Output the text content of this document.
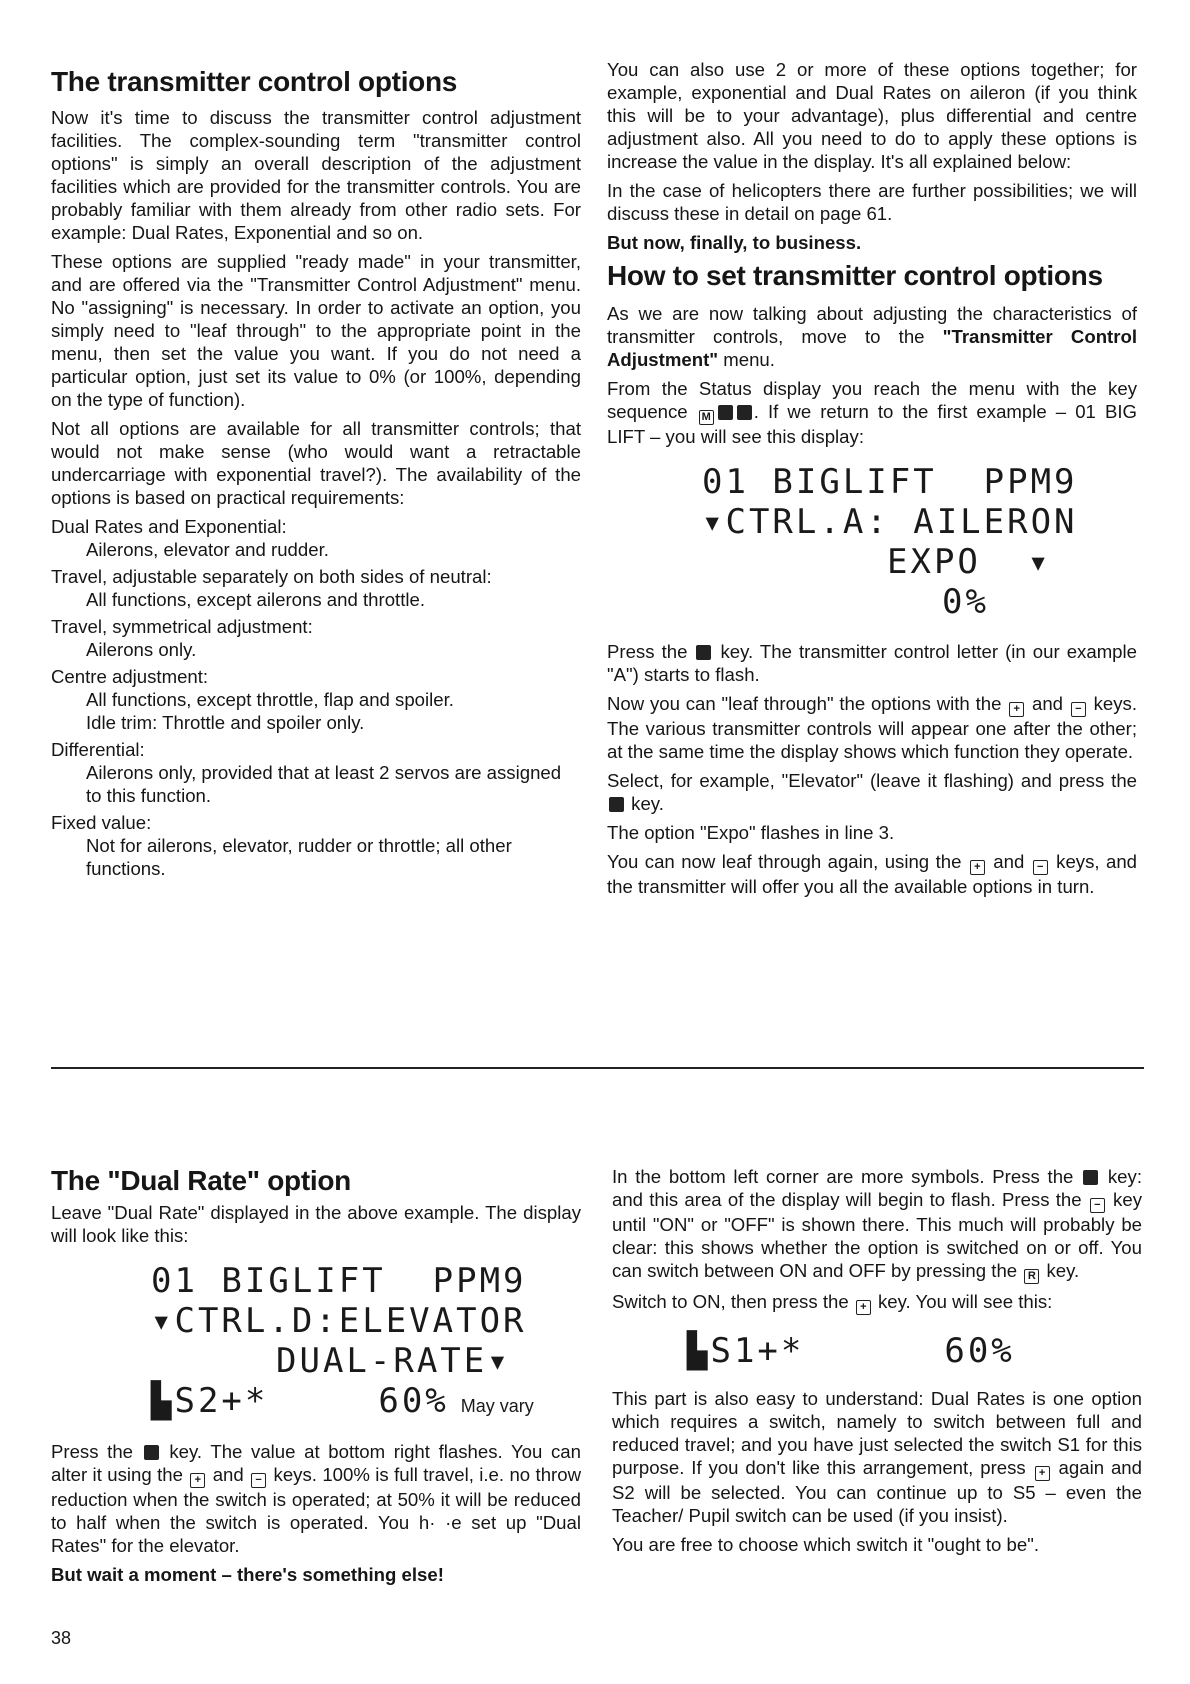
The transmitter control options

Now it's time to discuss the transmitter control adjustment facilities. The complex-sounding term "transmitter control options" is simply an overall description of the adjustment facilities which are provided for the transmitter controls. You are probably familiar with them already from other radio sets. For example: Dual Rates, Exponential and so on.

These options are supplied "ready made" in your transmitter, and are offered via the "Transmitter Control Adjustment" menu. No "assigning" is necessary. In order to activate an option, you simply need to "leaf through" to the appropriate point in the menu, then set the value you want. If you do not need a particular option, just set its value to 0% (or 100%, depending on the type of function).

Not all options are available for all transmitter controls; that would not make sense (who would want a retractable undercarriage with exponential travel?). The availability of the options is based on practical requirements:

Dual Rates and Exponential:
Ailerons, elevator and rudder.
Travel, adjustable separately on both sides of neutral:
All functions, except ailerons and throttle.
Travel, symmetrical adjustment:
Ailerons only.
Centre adjustment:
All functions, except throttle, flap and spoiler.
Idle trim: Throttle and spoiler only.
Differential:
Ailerons only, provided that at least 2 servos are assigned to this function.
Fixed value:
Not for ailerons, elevator, rudder or throttle; all other functions.

You can also use 2 or more of these options together; for example, exponential and Dual Rates on aileron (if you think this will be to your advantage), plus differential and centre adjustment also. All you need to do to apply these options is increase the value in the display. It's all explained below:

In the case of helicopters there are further possibilities; we will discuss these in detail on page 61.

But now, finally, to business.

How to set transmitter control options

As we are now talking about adjusting the characteristics of transmitter controls, move to the "Transmitter Control Adjustment" menu.

From the Status display you reach the menu with the key sequence M . If we return to the first example – 01 BIG LIFT – you will see this display:

01 BIGLIFT  PPM9
▾CTRL.A: AILERON
EXPO  ▾
0%

Press the  key. The transmitter control letter (in our example "A") starts to flash.

Now you can "leaf through" the options with the + and − keys. The various transmitter controls will appear one after the other; at the same time the display shows which function they operate.

Select, for example, "Elevator" (leave it flashing) and press the  key.

The option "Expo" flashes in line 3.

You can now leaf through again, using the + and − keys, and the transmitter will offer you all the available options in turn.

The "Dual Rate" option

Leave "Dual Rate" displayed in the above example. The display will look like this:

01 BIGLIFT  PPM9
▾CTRL.D:ELEVATOR
DUAL-RATE▾
▙S2+*	60% May vary

Press the  key. The value at bottom right flashes. You can alter it using the + and − keys. 100% is full travel, i.e. no throw reduction when the switch is operated; at 50% it will be reduced to half when the switch is operated. You h· ·e set up "Dual Rates" for the elevator.

But wait a moment – there's something else!

In the bottom left corner are more symbols. Press the  key: and this area of the display will begin to flash. Press the − key until "ON" or "OFF" is shown there. This much will probably be clear: this shows whether the option is switched on or off. You can switch between ON and OFF by pressing the R key.

Switch to ON, then press the + key. You will see this:

▙S1+*	60%

This part is also easy to understand: Dual Rates is one option which requires a switch, namely to switch between full and reduced travel; and you have just selected the switch S1 for this purpose. If you don't like this arrangement, press + again and S2 will be selected. You can continue up to S5 – even the Teacher/ Pupil switch can be used (if you insist).

You are free to choose which switch it "ought to be".

38
